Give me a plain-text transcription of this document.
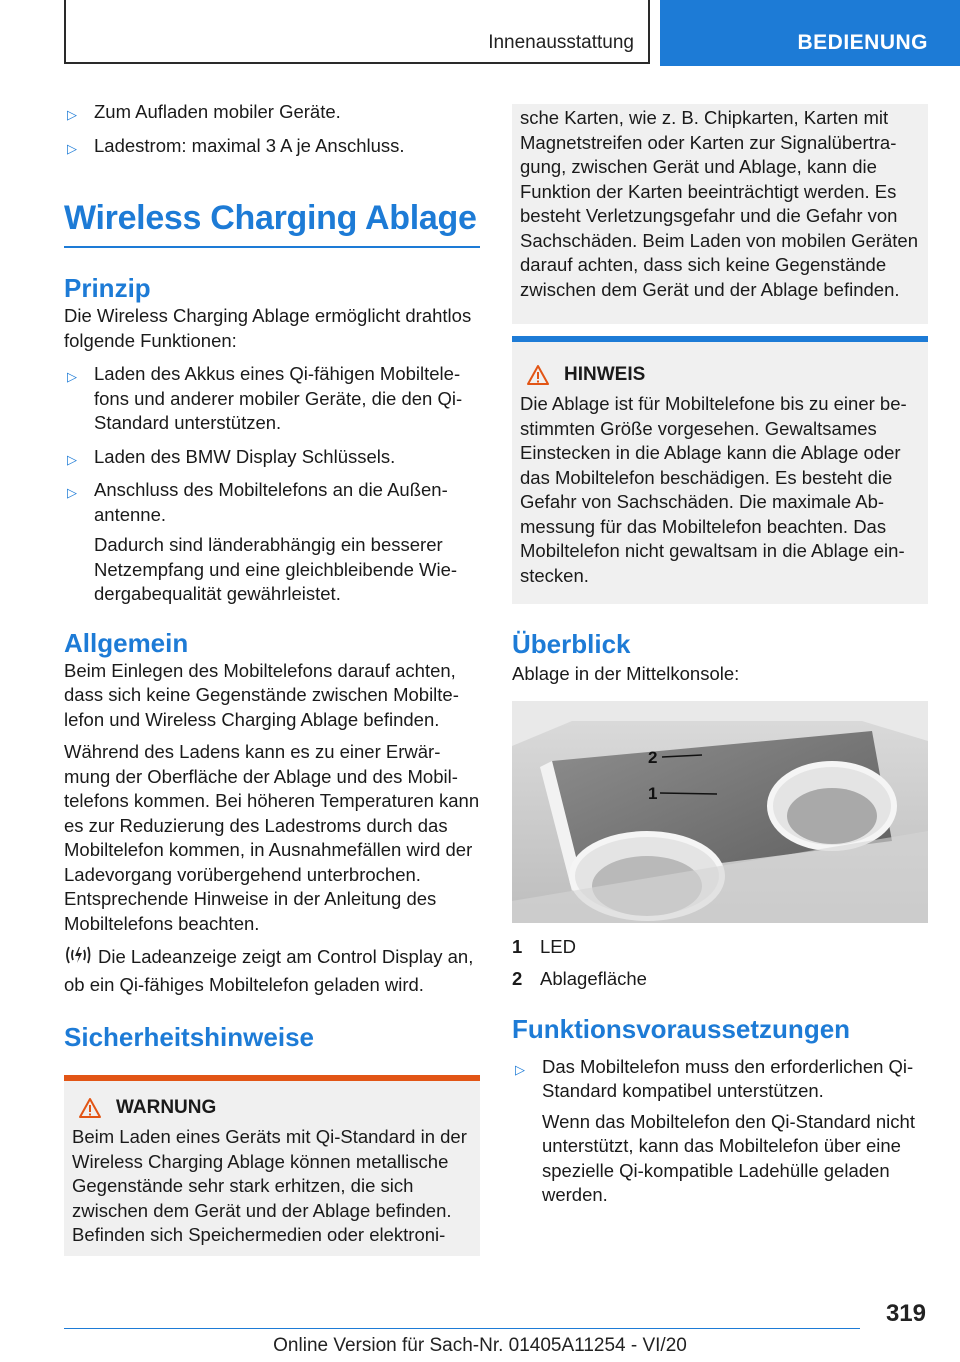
Innenausstattung	BEDIENUNG
▷ Zum Aufladen mobiler Geräte.
▷ Ladestrom: maximal 3 A je Anschluss.
Wireless Charging Ablage
Prinzip

Die Wireless Charging Ablage ermöglicht drahtlos folgende Funktionen:

▷ Laden des Akkus eines Qi-fähigen Mobiltelefons und anderer mobiler Geräte, die den Qi-Standard unterstützen.
▷ Laden des BMW Display Schlüssels.
▷ Anschluss des Mobiltelefons an die Außenantenne.
Dadurch sind länderabhängig ein besserer Netzempfang und eine gleichbleibende Wiedergabequalität gewährleistet.
Allgemein

Beim Einlegen des Mobiltelefons darauf achten, dass sich keine Gegenstände zwischen Mobiltelefon und Wireless Charging Ablage befinden.

Während des Ladens kann es zu einer Erwärmung der Oberfläche der Ablage und des Mobiltelefons kommen. Bei höheren Temperaturen kann es zur Reduzierung des Ladestroms durch das Mobiltelefon kommen, in Ausnahmefällen wird der Ladevorgang vorübergehend unterbrochen. Entsprechende Hinweise in der Anleitung des Mobiltelefons beachten.

Die Ladeanzeige zeigt am Control Display an, ob ein Qi-fähiges Mobiltelefon geladen wird.

Sicherheitshinweise
WARNUNG

Beim Laden eines Geräts mit Qi-Standard in der Wireless Charging Ablage können metallische Gegenstände sehr stark erhitzen, die sich zwischen dem Gerät und der Ablage befinden. Befinden sich Speichermedien oder elektroni-

sche Karten, wie z. B. Chipkarten, Karten mit Magnetstreifen oder Karten zur Signalübertragung, zwischen Gerät und Ablage, kann die Funktion der Karten beeinträchtigt werden. Es besteht Verletzungsgefahr und die Gefahr von Sachschäden. Beim Laden von mobilen Geräten darauf achten, dass sich keine Gegenstände zwischen dem Gerät und der Ablage befinden.

HINWEIS

Die Ablage ist für Mobiltelefone bis zu einer bestimmten Größe vorgesehen. Gewaltsames Einstecken in die Ablage kann die Ablage oder das Mobiltelefon beschädigen. Es besteht die Gefahr von Sachschäden. Die maximale Abmessung für das Mobiltelefon beachten. Das Mobiltelefon nicht gewaltsam in die Ablage einstecken.

Überblick

Ablage in der Mittelkonsole:

2
1
1 LED
2 Ablagefläche
Funktionsvoraussetzungen
▷ Das Mobiltelefon muss den erforderlichen Qi-Standard kompatibel unterstützen.
Wenn das Mobiltelefon den Qi-Standard nicht unterstützt, kann das Mobiltelefon über eine spezielle Qi-kompatible Ladehülle geladen werden.
319
Online Version für Sach-Nr. 01405A11254 - VI/20
